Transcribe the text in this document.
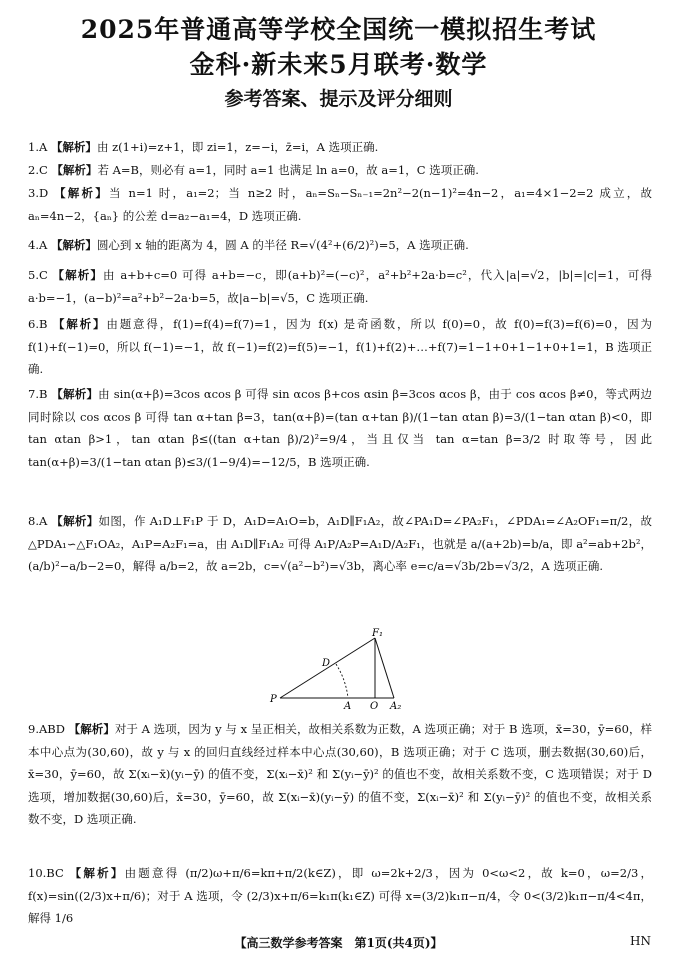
2025年普通高等学校全国统一模拟招生考试
金科·新未来5月联考·数学
参考答案、提示及评分细则
1.A 【解析】由 z(1+i)=z+1，即 zi=1，z=−i，z̄=i，A 选项正确.
2.C 【解析】若 A=B，则必有 a=1，同时 a=1 也满足 ln a=0，故 a=1，C 选项正确.
3.D 【解析】当 n=1 时，a₁=2；当 n≥2 时，aₙ=Sₙ−Sₙ₋₁=2n²−2(n−1)²=4n−2，a₁=4×1−2=2 成立，故 aₙ=4n−2，{aₙ} 的公差 d=a₂−a₁=4，D 选项正确.
4.A 【解析】圆心到 x 轴的距离为 4，圆 A 的半径 R=√(4²+(6/2)²)=5，A 选项正确.
5.C 【解析】由 a+b+c=0 可得 a+b=−c，即(a+b)²=(−c)²，a²+b²+2a·b=c²，代入|a|=√2，|b|=|c|=1，可得 a·b=−1，(a−b)²=a²+b²−2a·b=5，故|a−b|=√5，C 选项正确.
6.B 【解析】由题意得，f(1)=f(4)=f(7)=1，因为 f(x) 是奇函数，所以 f(0)=0，故 f(0)=f(3)=f(6)=0，因为 f(1)+f(−1)=0，所以 f(−1)=−1，故 f(−1)=f(2)=f(5)=−1，f(1)+f(2)+…+f(7)=1−1+0+1−1+0+1=1，B 选项正确.
7.B 【解析】由 sin(α+β)=3cos αcos β 可得 sin αcos β+cos αsin β=3cos αcos β，由于 cos αcos β≠0，等式两边同时除以 cos αcos β 可得 tan α+tan β=3，tan(α+β)=(tan α+tan β)/(1−tan αtan β)=3/(1−tan αtan β)<0，即 tan αtan β>1，tan αtan β≤((tan α+tan β)/2)²=9/4，当且仅当 tan α=tan β=3/2 时取等号，因此 tan(α+β)=3/(1−tan αtan β)≤3/(1−9/4)=−12/5，B 选项正确.
8.A 【解析】如图，作 A₁D⊥F₁P 于 D，A₁D=A₁O=b，A₁D∥F₁A₂，故∠PA₁D=∠PA₂F₁，∠PDA₁=∠A₂OF₁=π/2，故△PDA₁∽△F₁OA₂，A₁P=A₂F₁=a，由 A₁D∥F₁A₂ 可得 A₁P/A₂P=A₁D/A₂F₁，也就是 a/(a+2b)=b/a，即 a²=ab+2b²，(a/b)²−a/b−2=0，解得 a/b=2，故 a=2b，c=√(a²−b²)=√3b，离心率 e=c/a=√3b/2b=√3/2，A 选项正确.
F₁
D
P
A O A₂
9.ABD 【解析】对于 A 选项，因为 y 与 x 呈正相关，故相关系数为正数，A 选项正确；对于 B 选项，x̄=30，ȳ=60，样本中心点为(30,60)，故 y 与 x 的回归直线经过样本中心点(30,60)，B 选项正确；对于 C 选项，删去数据(30,60)后，x̄=30，ȳ=60，故 Σ(xᵢ−x̄)(yᵢ−ȳ) 的值不变，Σ(xᵢ−x̄)² 和 Σ(yᵢ−ȳ)² 的值也不变，故相关系数不变，C 选项错误；对于 D 选项，增加数据(30,60)后，x̄=30，ȳ=60，故 Σ(xᵢ−x̄)(yᵢ−ȳ) 的值不变，Σ(xᵢ−x̄)² 和 Σ(yᵢ−ȳ)² 的值也不变，故相关系数不变，D 选项正确.
10.BC 【解析】由题意得 (π/2)ω+π/6=kπ+π/2(k∈Z)，即 ω=2k+2/3，因为 0<ω<2，故 k=0，ω=2/3，f(x)=sin((2/3)x+π/6)；对于 A 选项，令 (2/3)x+π/6=k₁π(k₁∈Z) 可得 x=(3/2)k₁π−π/4，令 0<(3/2)k₁π−π/4<4π，解得 1/6
【高三数学参考答案　第1页(共4页)】	HN
